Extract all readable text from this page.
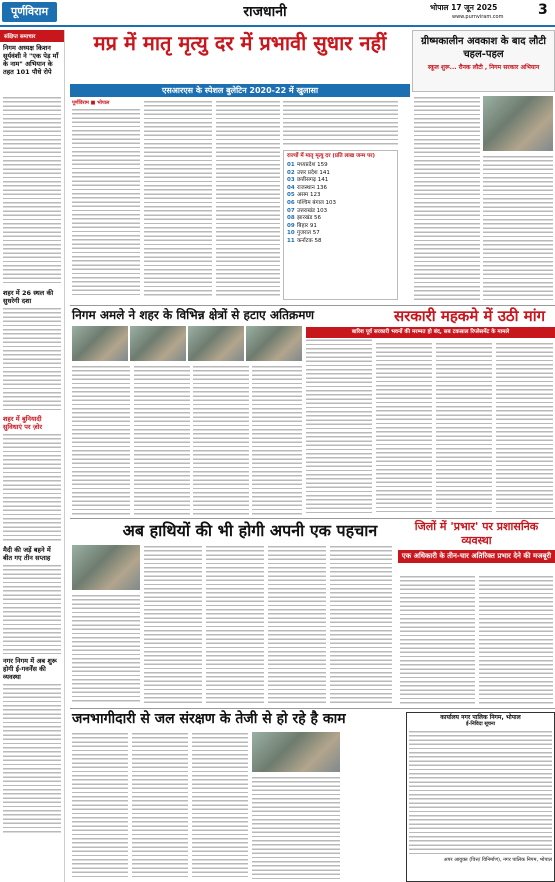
पूर्णविराम	राजधानी	भोपाल 17 जून 2025	3
www.purnviram.com
संक्षिप्त समाचार
निगम अध्यक्ष किशन सूर्यवंशी ने "एक पेड़ माँ के नाम" अभियान के तहत 101 पौधे रोपे
शहर में 26 स्थल की सुधरेगी दशा
शहर में बुनियादी सुविधाएं पर ज़ोर
मैदी की जड़ें बहने में बीत गए तीन सप्ताह
नगर निगम में अब शुरू होगी ई-गवर्नेंस की व्यवस्था
मप्र में मातृ मृत्यु दर में प्रभावी सुधार नहीं
एसआरएस के स्पेशल बुलेटिन 2020-22 में खुलासा
पूर्णविराम ■ भोपाल
राज्यों में मातृ मृत्यु दर (प्रति लाख जन्म पर)
01 मध्यप्रदेश 159
02 उत्तर प्रदेश 141
03 छत्तीसगढ़ 141
04 राजस्थान 136
05 असम 123
06 पश्चिम बंगाल 103
07 उत्तराखंड 103
08 झारखंड 56
09 बिहार 91
10 गुजरात 57
11 कर्नाटक 58
ग्रीष्मकालीन अवकाश के बाद लौटी चहल-पहल
स्कूल शुरू... रौनक लौटी , निगम सरकार अभियान
निगम अमले ने शहर के विभिन्न क्षेत्रों से हटाए अतिक्रमण	सरकारी महकमे में उठी मांग
बारिश पूर्व सरकारी भवनों की मरम्मत हो बंद, सब टकसाल रिप्लेसमेंट के मामले
अब हाथियों की भी होगी अपनी एक पहचान	जिलों में 'प्रभार' पर प्रशासनिक व्यवस्था
एक अधिकारी के तीन-चार अतिरिक्त प्रभार देने की मजबूरी
जनभागीदारी से जल संरक्षण के तेजी से हो रहे है काम	कार्यालय नगर पालिक निगम, भोपाल
ई-निविदा सूचना
अपर आयुक्त (वित्त/ विनिर्माण), नगर पालिक निगम, भोपाल
